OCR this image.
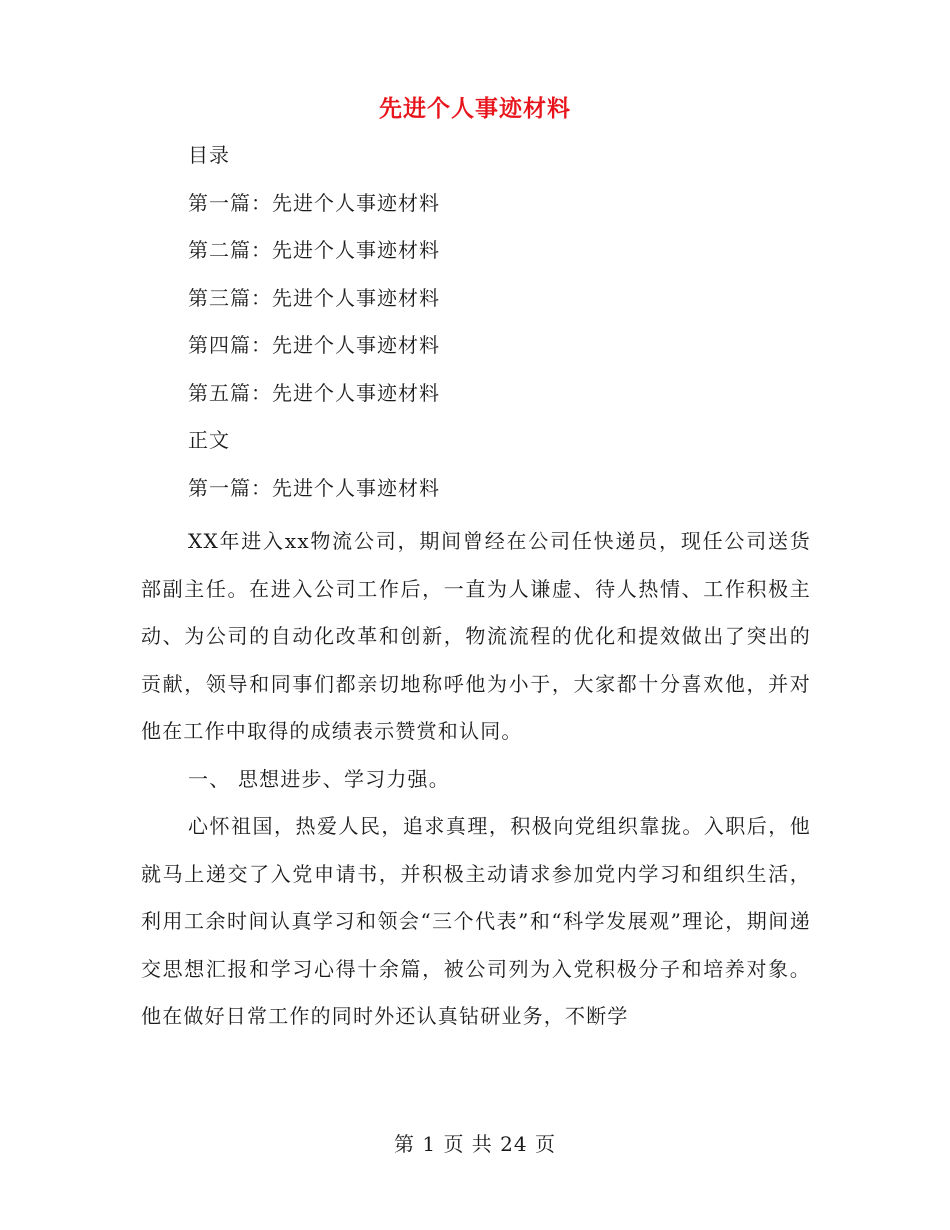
先进个人事迹材料
目录
第一篇：先进个人事迹材料
第二篇：先进个人事迹材料
第三篇：先进个人事迹材料
第四篇：先进个人事迹材料
第五篇：先进个人事迹材料
正文
第一篇：先进个人事迹材料

XX年进入xx物流公司，期间曾经在公司任快递员，现任公司送货部副主任。在进入公司工作后，一直为人谦虚、待人热情、工作积极主动、为公司的自动化改革和创新，物流流程的优化和提效做出了突出的贡献，领导和同事们都亲切地称呼他为小于，大家都十分喜欢他，并对他在工作中取得的成绩表示赞赏和认同。

一、 思想进步、学习力强。

心怀祖国，热爱人民，追求真理，积极向党组织靠拢。入职后，他就马上递交了入党申请书，并积极主动请求参加党内学习和组织生活，利用工余时间认真学习和领会“三个代表”和“科学发展观”理论，期间递交思想汇报和学习心得十余篇，被公司列为入党积极分子和培养对象。他在做好日常工作的同时外还认真钻研业务，不断学

第 1 页 共 24 页
